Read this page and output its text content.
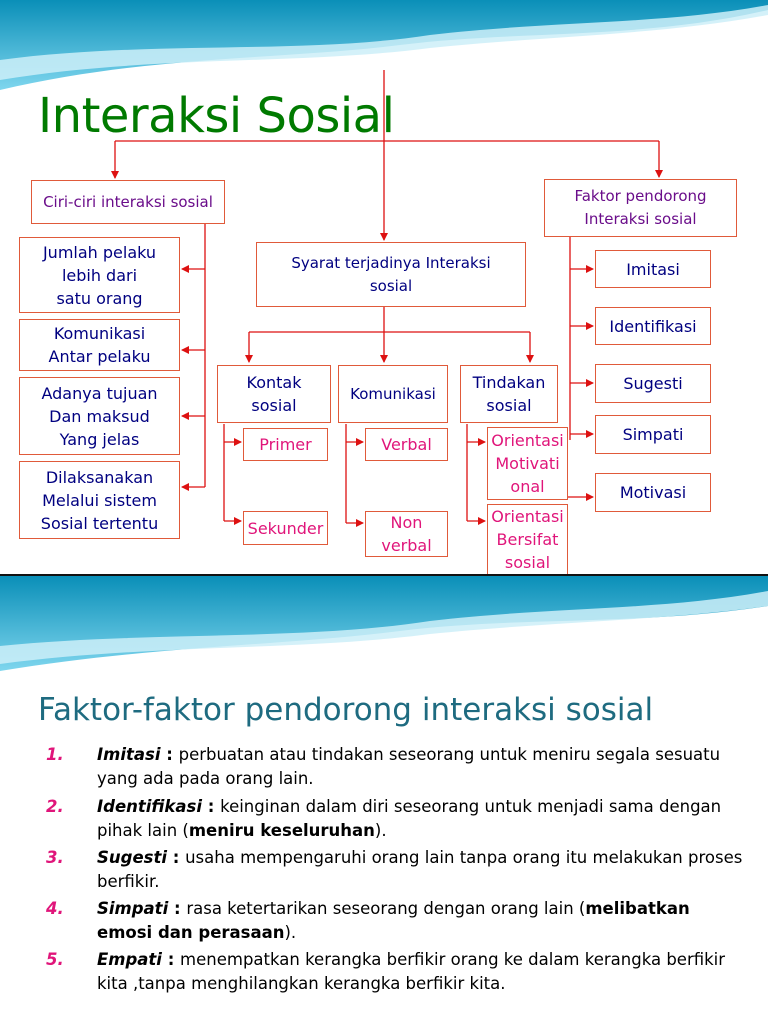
Interaksi Sosial
Ciri-ciri interaksi sosial
Jumlah pelaku
lebih dari
satu orang
Komunikasi
Antar pelaku
Adanya tujuan
Dan maksud
Yang jelas
Dilaksanakan
Melalui sistem
Sosial tertentu
Syarat terjadinya Interaksi
sosial
Kontak
sosial
Komunikasi
Tindakan
sosial
Primer
Sekunder
Verbal
Non
verbal
Orientasi
Motivati
onal
Orientasi
Bersifat
sosial
Faktor pendorong
Interaksi sosial
Imitasi
Identifikasi
Sugesti
Simpati
Motivasi
Faktor-faktor pendorong interaksi sosial
1. Imitasi : perbuatan atau tindakan seseorang untuk meniru segala sesuatu yang ada pada orang lain.
2. Identifikasi : keinginan dalam diri seseorang untuk menjadi sama dengan pihak lain (meniru keseluruhan).
3. Sugesti : usaha mempengaruhi orang lain tanpa orang itu melakukan proses berfikir.
4. Simpati : rasa ketertarikan seseorang dengan orang lain (melibatkan emosi dan perasaan).
5. Empati : menempatkan kerangka berfikir orang ke dalam kerangka berfikir kita ,tanpa menghilangkan kerangka berfikir kita.
